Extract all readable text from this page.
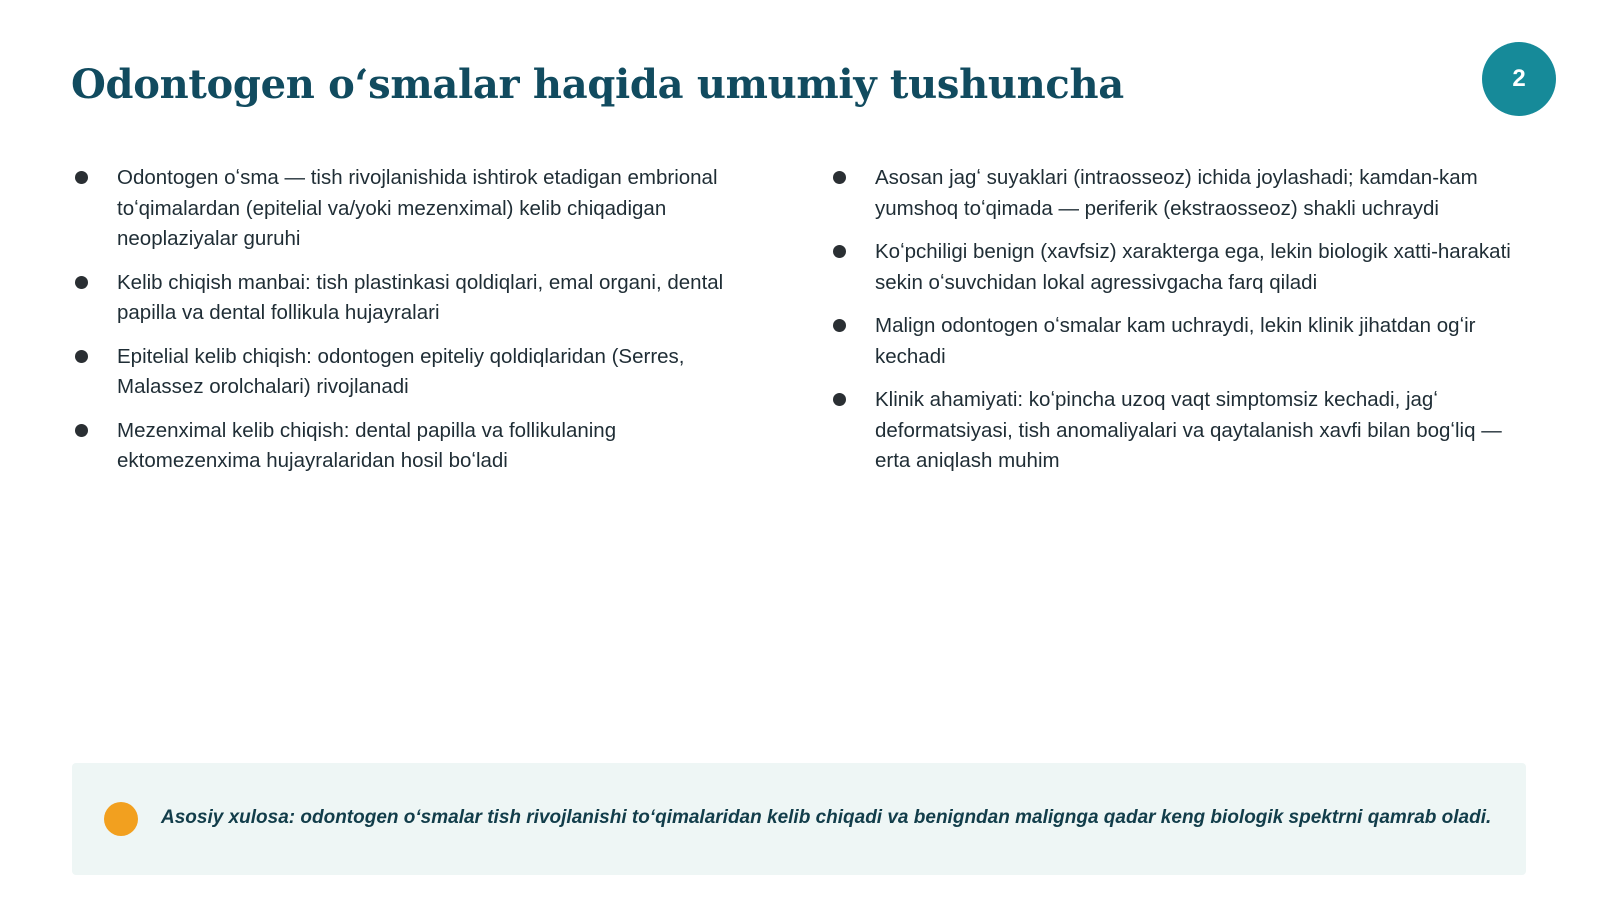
Odontogen oʻsmalar haqida umumiy tushuncha	2
Odontogen oʻsma — tish rivojlanishida ishtirok etadigan embrional toʻqimalardan (epitelial va/yoki mezenximal) kelib chiqadigan neoplaziyalar guruhi
Kelib chiqish manbai: tish plastinkasi qoldiqlari, emal organi, dental papilla va dental follikula hujayralari
Epitelial kelib chiqish: odontogen epiteliy qoldiqlaridan (Serres, Malassez orolchalari) rivojlanadi
Mezenximal kelib chiqish: dental papilla va follikulaning ektomezenxima hujayralaridan hosil boʻladi
Asosan jagʻ suyaklari (intraosseoz) ichida joylashadi; kamdan-kam yumshoq toʻqimada — periferik (ekstraosseoz) shakli uchraydi
Koʻpchiligi benign (xavfsiz) xarakterga ega, lekin biologik xatti-harakati sekin oʻsuvchidan lokal agressivgacha farq qiladi
Malign odontogen oʻsmalar kam uchraydi, lekin klinik jihatdan ogʻir kechadi
Klinik ahamiyati: koʻpincha uzoq vaqt simptomsiz kechadi, jagʻ deformatsiyasi, tish anomaliyalari va qaytalanish xavfi bilan bogʻliq — erta aniqlash muhim
Asosiy xulosa: odontogen oʻsmalar tish rivojlanishi toʻqimalaridan kelib chiqadi va benigndan malignga qadar keng biologik spektrni qamrab oladi.
